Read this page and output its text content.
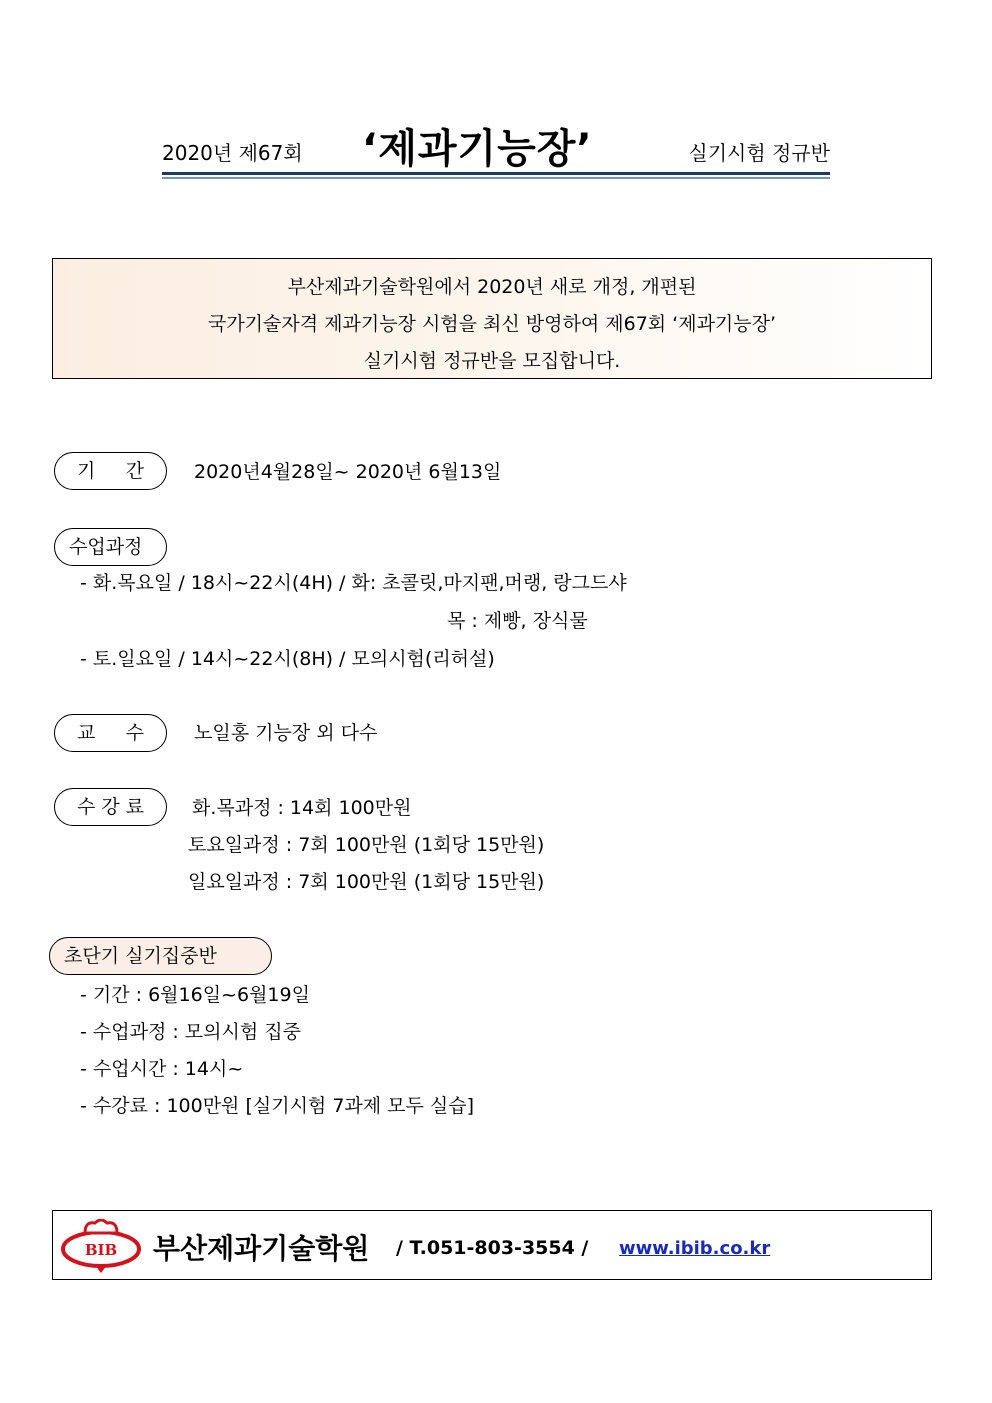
2020년 제67회 ‘제과기능장’	실기시험 정규반
부산제과기술학원에서 2020년 새로 개정, 개편된
국가기술자격 제과기능장 시험을 최신 방영하여 제67회 ‘제과기능장’
실기시험 정규반을 모집합니다.
기 간	2020년4월28일~ 2020년 6월13일
수업과정
- 화.목요일 / 18시~22시(4H) / 화: 초콜릿,마지팬,머랭, 랑그드샤
목 : 제빵, 장식물
- 토.일요일 / 14시~22시(8H) / 모의시험(리허설)
교 수	노일홍 기능장 외 다수
수 강 료	화.목과정 : 14회 100만원
토요일과정 : 7회 100만원 (1회당 15만원)
일요일과정 : 7회 100만원 (1회당 15만원)
초단기 실기집중반
- 기간 : 6월16일~6월19일
- 수업과정 : 모의시험 집중
- 수업시간 : 14시~
- 수강료 : 100만원 [실기시험 7과제 모두 실습]
BIB 부산제과기술학원 / T.051-803-3554 / www.ibib.co.kr
